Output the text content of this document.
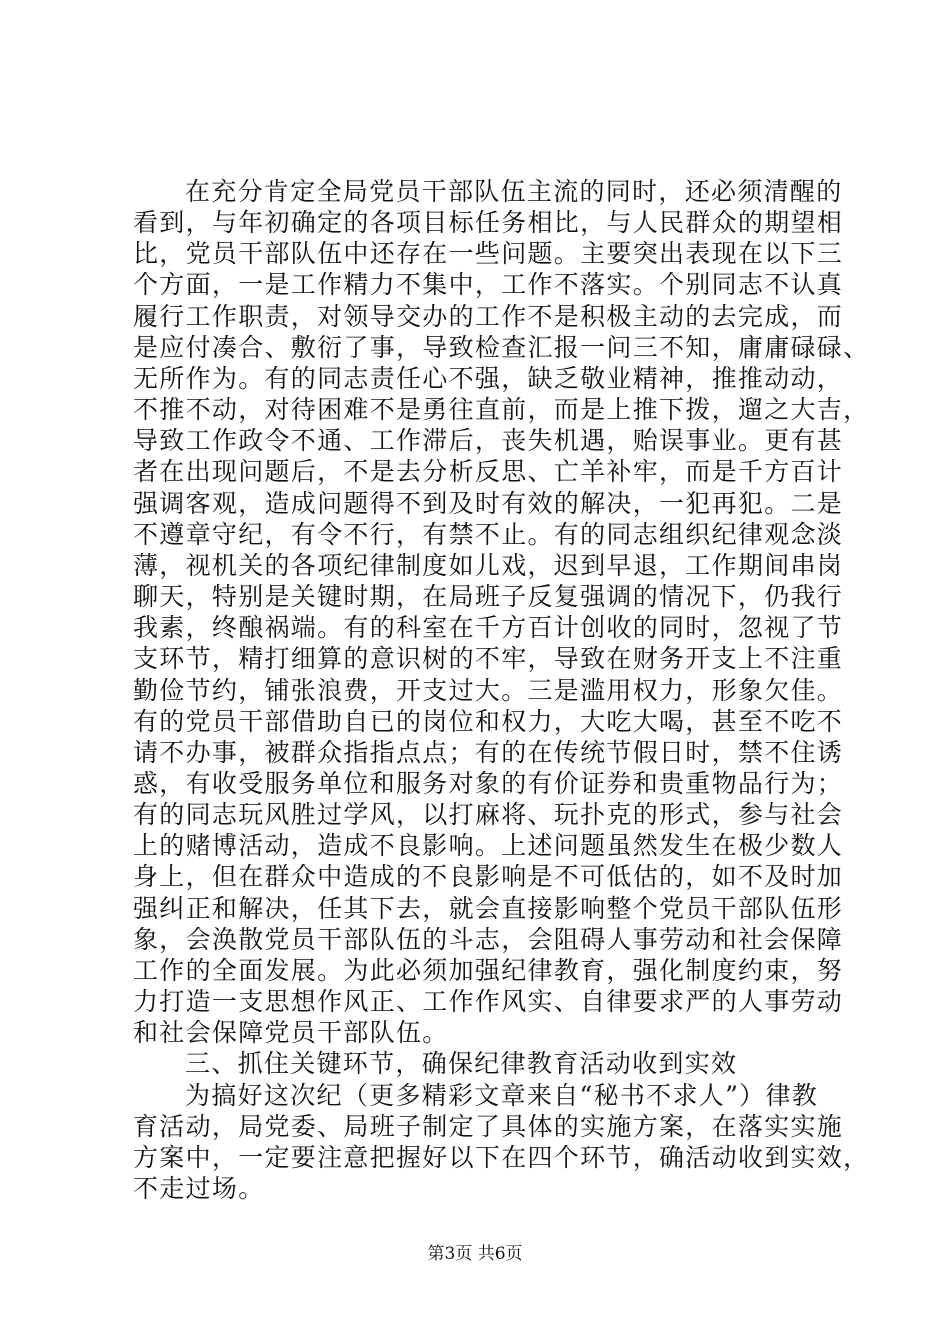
在充分肯定全局党员干部队伍主流的同时，还必须清醒的
看到，与年初确定的各项目标任务相比，与人民群众的期望相
比，党员干部队伍中还存在一些问题。主要突出表现在以下三
个方面，一是工作精力不集中，工作不落实。个别同志不认真
履行工作职责，对领导交办的工作不是积极主动的去完成，而
是应付凑合、敷衍了事，导致检查汇报一问三不知，庸庸碌碌、
无所作为。有的同志责任心不强，缺乏敬业精神，推推动动，
不推不动，对待困难不是勇往直前，而是上推下拨，遛之大吉，
导致工作政令不通、工作滞后，丧失机遇，贻误事业。更有甚
者在出现问题后，不是去分析反思、亡羊补牢，而是千方百计
强调客观，造成问题得不到及时有效的解决，一犯再犯。二是
不遵章守纪，有令不行，有禁不止。有的同志组织纪律观念淡
薄，视机关的各项纪律制度如儿戏，迟到早退，工作期间串岗
聊天，特别是关键时期，在局班子反复强调的情况下，仍我行
我素，终酿祸端。有的科室在千方百计创收的同时，忽视了节
支环节，精打细算的意识树的不牢，导致在财务开支上不注重
勤俭节约，铺张浪费，开支过大。三是滥用权力，形象欠佳。
有的党员干部借助自已的岗位和权力，大吃大喝，甚至不吃不
请不办事，被群众指指点点；有的在传统节假日时，禁不住诱
惑，有收受服务单位和服务对象的有价证券和贵重物品行为；
有的同志玩风胜过学风，以打麻将、玩扑克的形式，参与社会
上的赌博活动，造成不良影响。上述问题虽然发生在极少数人
身上，但在群众中造成的不良影响是不可低估的，如不及时加
强纠正和解决，任其下去，就会直接影响整个党员干部队伍形
象，会涣散党员干部队伍的斗志，会阻碍人事劳动和社会保障
工作的全面发展。为此必须加强纪律教育，强化制度约束，努
力打造一支思想作风正、工作作风实、自律要求严的人事劳动
和社会保障党员干部队伍。
三、抓住关键环节，确保纪律教育活动收到实效
为搞好这次纪（更多精彩文章来自“秘书不求人”）律教
育活动，局党委、局班子制定了具体的实施方案，在落实实施
方案中，一定要注意把握好以下在四个环节，确活动收到实效，
不走过场。
第3页 共6页
